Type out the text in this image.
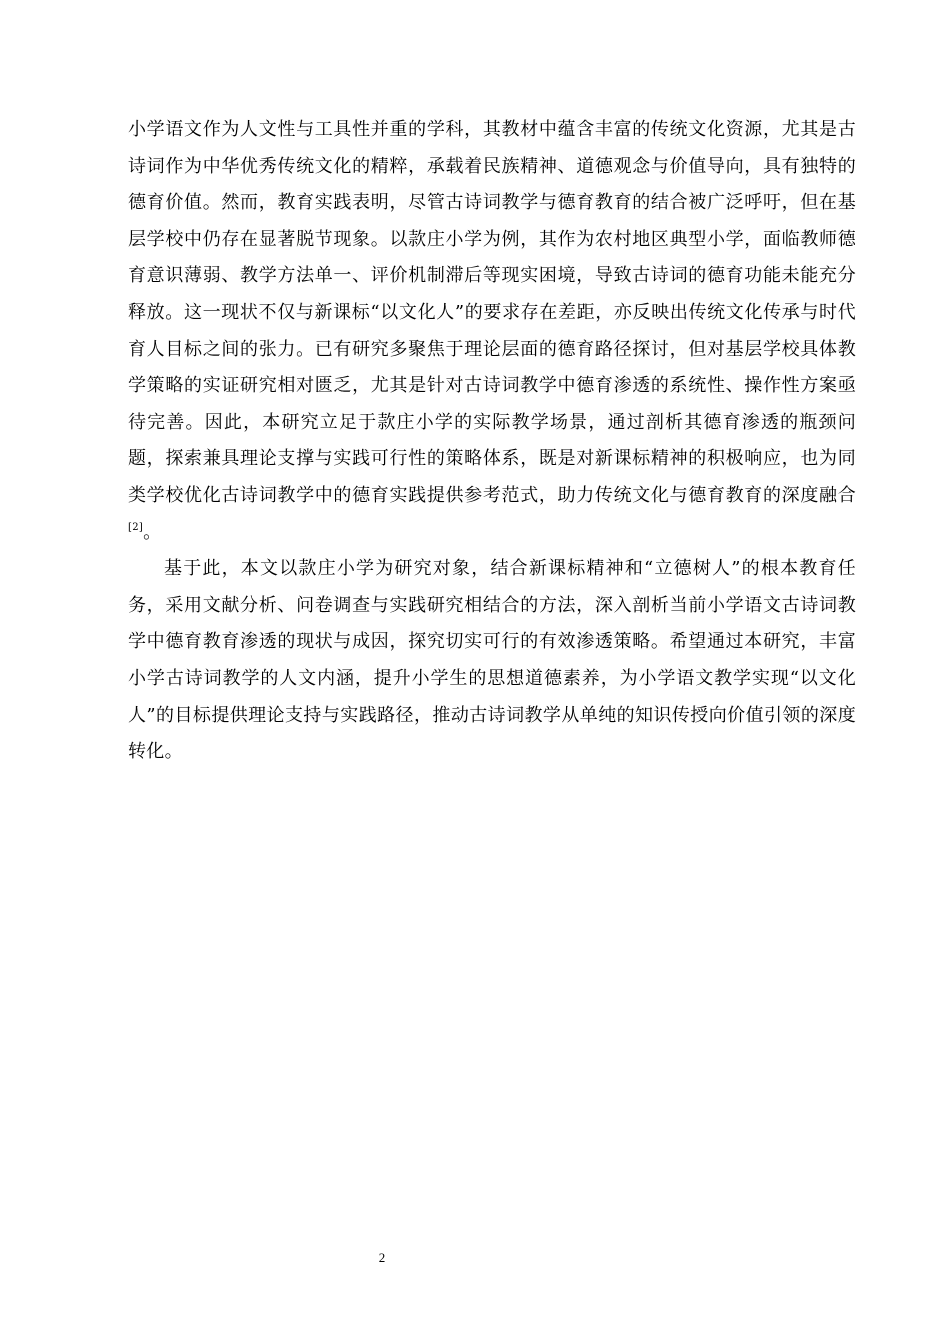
小学语文作为人文性与工具性并重的学科，其教材中蕴含丰富的传统文化资源，尤其是古诗词作为中华优秀传统文化的精粹，承载着民族精神、道德观念与价值导向，具有独特的德育价值。然而，教育实践表明，尽管古诗词教学与德育教育的结合被广泛呼吁，但在基层学校中仍存在显著脱节现象。以款庄小学为例，其作为农村地区典型小学，面临教师德育意识薄弱、教学方法单一、评价机制滞后等现实困境，导致古诗词的德育功能未能充分释放。这一现状不仅与新课标“以文化人”的要求存在差距，亦反映出传统文化传承与时代育人目标之间的张力。已有研究多聚焦于理论层面的德育路径探讨，但对基层学校具体教学策略的实证研究相对匮乏，尤其是针对古诗词教学中德育渗透的系统性、操作性方案亟待完善。因此，本研究立足于款庄小学的实际教学场景，通过剖析其德育渗透的瓶颈问题，探索兼具理论支撑与实践可行性的策略体系，既是对新课标精神的积极响应，也为同类学校优化古诗词教学中的德育实践提供参考范式，助力传统文化与德育教育的深度融合[2]。

基于此，本文以款庄小学为研究对象，结合新课标精神和“立德树人”的根本教育任务，采用文献分析、问卷调查与实践研究相结合的方法，深入剖析当前小学语文古诗词教学中德育教育渗透的现状与成因，探究切实可行的有效渗透策略。希望通过本研究，丰富小学古诗词教学的人文内涵，提升小学生的思想道德素养，为小学语文教学实现“以文化人”的目标提供理论支持与实践路径，推动古诗词教学从单纯的知识传授向价值引领的深度转化。

2
